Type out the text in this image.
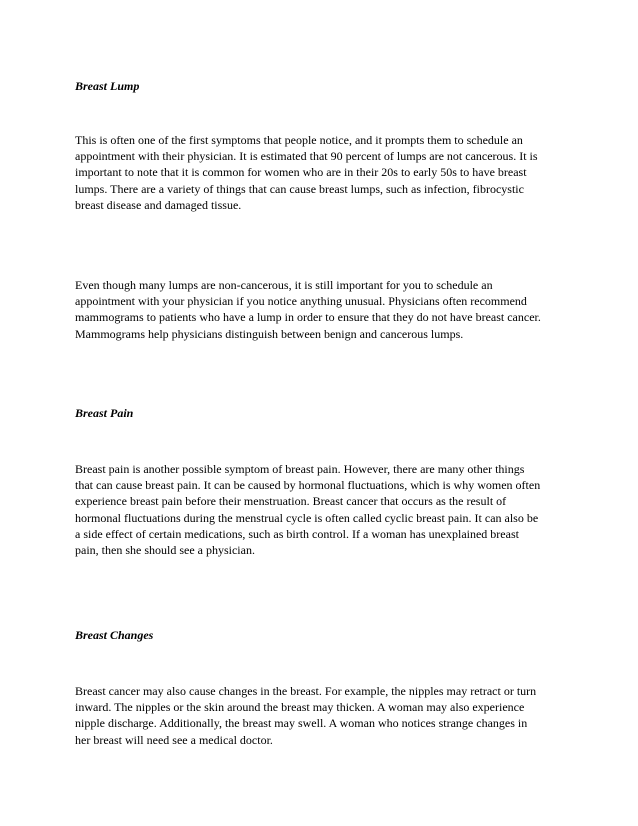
Breast Lump

This is often one of the first symptoms that people notice, and it prompts them to schedule an
appointment with their physician. It is estimated that 90 percent of lumps are not cancerous. It is
important to note that it is common for women who are in their 20s to early 50s to have breast
lumps. There are a variety of things that can cause breast lumps, such as infection, fibrocystic
breast disease and damaged tissue.

Even though many lumps are non-cancerous, it is still important for you to schedule an
appointment with your physician if you notice anything unusual. Physicians often recommend
mammograms to patients who have a lump in order to ensure that they do not have breast cancer.
Mammograms help physicians distinguish between benign and cancerous lumps.

Breast Pain

Breast pain is another possible symptom of breast pain. However, there are many other things
that can cause breast pain. It can be caused by hormonal fluctuations, which is why women often
experience breast pain before their menstruation. Breast cancer that occurs as the result of
hormonal fluctuations during the menstrual cycle is often called cyclic breast pain. It can also be
a side effect of certain medications, such as birth control. If a woman has unexplained breast
pain, then she should see a physician.

Breast Changes

Breast cancer may also cause changes in the breast. For example, the nipples may retract or turn
inward. The nipples or the skin around the breast may thicken. A woman may also experience
nipple discharge. Additionally, the breast may swell. A woman who notices strange changes in
her breast will need see a medical doctor.
